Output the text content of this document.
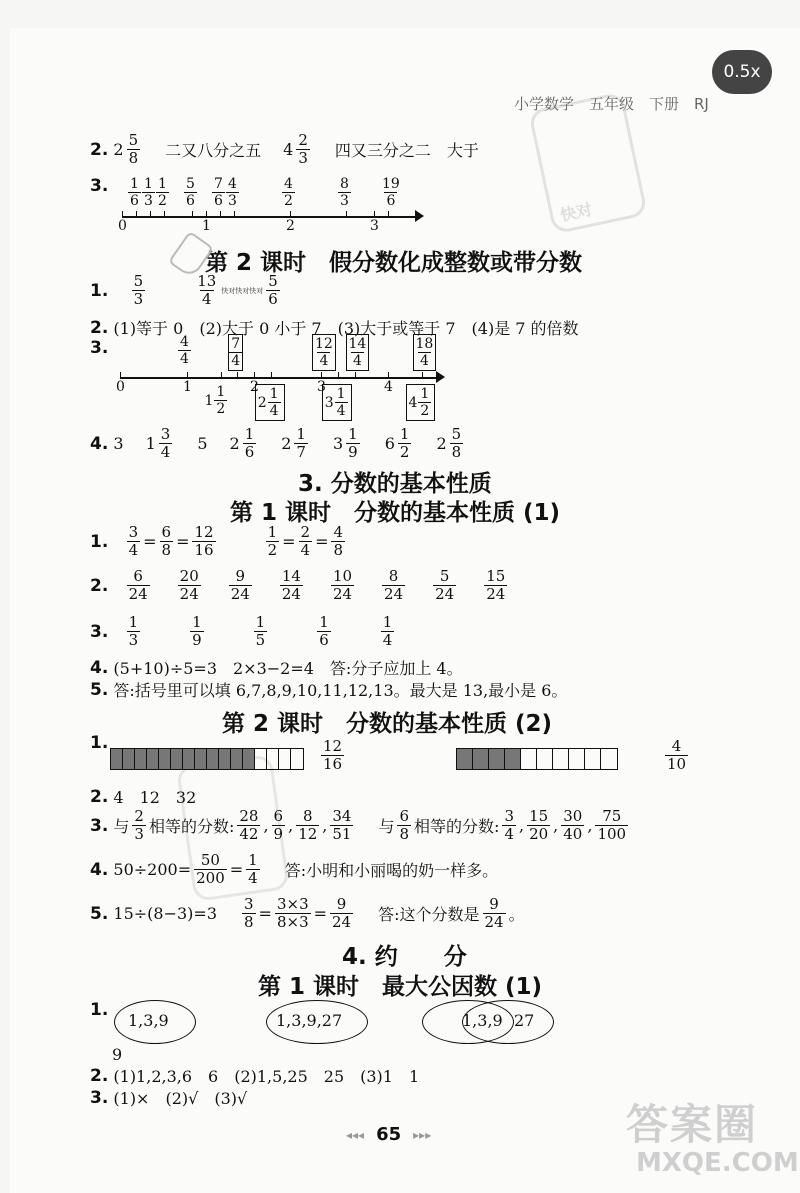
快对
答案圈
MXQE.COM
0.5x
小学数学　五年级　下册　RJ
2.
$2 \frac{5}{8}$ 二又八分之五 $4 \frac{2}{3}$ 四又三分之二　大于
3. $\frac{1}{6} \frac{1}{3} \frac{1}{2} \frac{5}{6} \frac{7}{6} \frac{4}{3}$	$\frac{4}{2}$	$\frac{8}{3} \frac{19}{6}$
0	1	2	3
第 2 课时　假分数化成整数或带分数
1.
$\frac{5}{3}$	$\frac{13}{4}$ 快对快对快对 $\frac{5}{6}$
2.
(1)等于 0　(2)大于 0 小于 7　(3)大于或等于 7　(4)是 7 的倍数
3.
0	1	2	3	4
$\frac{4}{4}$	$\frac{7}{4}$	$\frac{12}{4} \frac{14}{4}$	$\frac{18}{4}$
$1 \frac{1}{2} 2 \frac{1}{4}$	$3 \frac{1}{4}$	$4 \frac{1}{2}$
4.
3 $1 \frac{3}{4} 5$ $2 \frac{1}{6} 2 \frac{1}{7} 3 \frac{1}{9} 6 \frac{1}{2} 2 \frac{5}{8}$
3. 分数的基本性质
第 1 课时　分数的基本性质 (1)
1.
$\frac{3}{4} = \frac{6}{8} = \frac{12}{16}$	$\frac{1}{2} = \frac{2}{4} = \frac{4}{8}$
2.
$\frac{6}{24} \frac{20}{24} \frac{9}{24} \frac{14}{24} \frac{10}{24} \frac{8}{24} \frac{5}{24} \frac{15}{24}$
3.
$\frac{1}{3}$	$\frac{1}{9}$	$\frac{1}{5}$	$\frac{1}{6}$	$\frac{1}{4}$
4.
(5+10)÷5=3　2×3−2=4　答:分子应加上 4。
5.
答:括号里可以填 6,7,8,9,10,11,12,13。最大是 13,最小是 6。
第 2 课时　分数的基本性质 (2)
1.	$\frac{12}{16}$	$\frac{4}{10}$
2.
4　12　32
3.
与 $\frac{2}{3}$ 相等的分数: $\frac{28}{42}$ , $\frac{6}{9}$ , $\frac{8}{12}$ , $\frac{34}{51}$ 与 $\frac{6}{8}$ 相等的分数: $\frac{3}{4}$ , $\frac{15}{20}$ , $\frac{30}{40}$ , $\frac{75}{100}$
4.
$50\div 200= \frac{50}{200} = \frac{1}{4}$ 答:小明和小丽喝的奶一样多。
5.
$15\div(8-3)=3 \frac{3}{8} = \frac{3\times 3}{8\times 3} = \frac{9}{24}$ 答:这个分数是 $\frac{9}{24}$ 。
4. 约　　分
第 1 课时　最大公因数 (1)
1.
1,3,9	1,3,9,27	1,3,9 27
9
2.
(1)1,2,3,6　6　(2)1,5,25　25　(3)1　1
3.
(1)×　(2)√　(3)√
◂◂◂ 65 ▸▸▸
